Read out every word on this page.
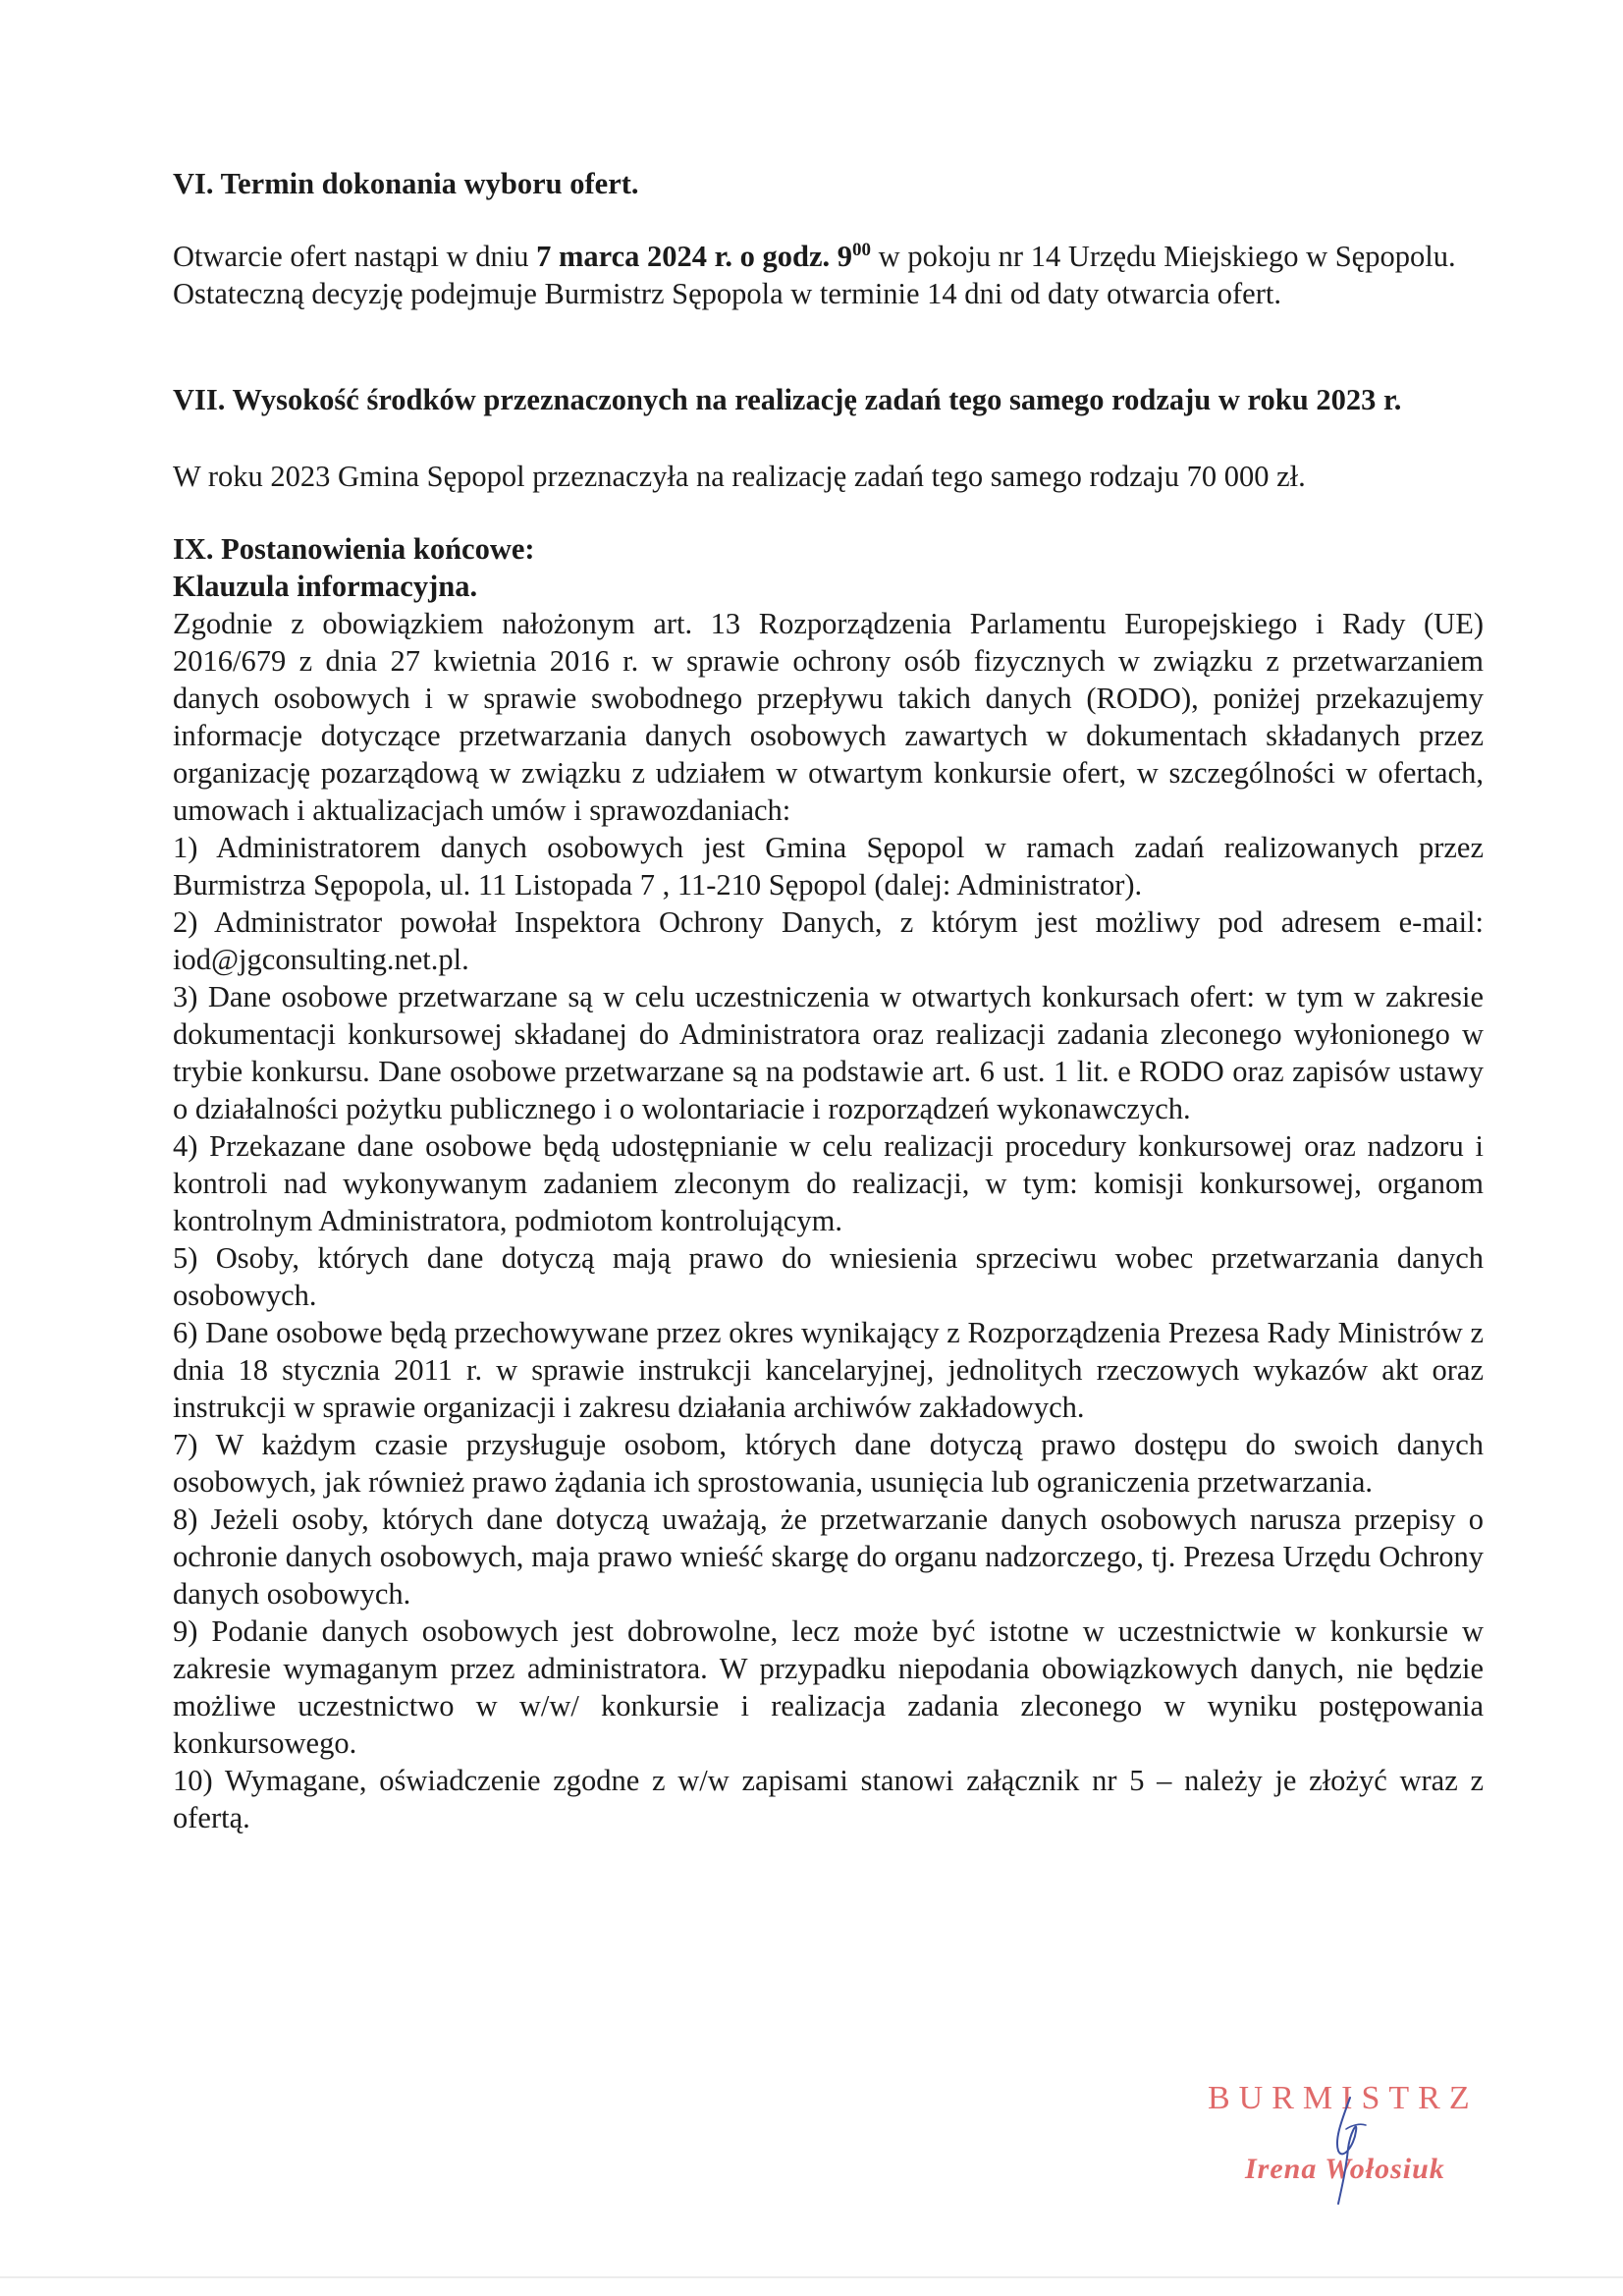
VI. Termin dokonania wyboru ofert.

Otwarcie ofert nastąpi w dniu 7 marca 2024 r. o godz. $9^{00}$ w pokoju nr 14 Urzędu Miejskiego w Sępopolu.

Ostateczną decyzję podejmuje Burmistrz Sępopola w terminie 14 dni od daty otwarcia ofert.

VII. Wysokość środków przeznaczonych na realizację zadań tego samego rodzaju w roku 2023 r.

W roku 2023 Gmina Sępopol przeznaczyła na realizację zadań tego samego rodzaju 70 000 zł.

IX. Postanowienia końcowe:

Klauzula informacyjna.

Zgodnie z obowiązkiem nałożonym art. 13 Rozporządzenia Parlamentu Europejskiego i Rady (UE) 2016/679 z dnia 27 kwietnia 2016 r. w sprawie ochrony osób fizycznych w związku z przetwarzaniem danych osobowych i w sprawie swobodnego przepływu takich danych (RODO), poniżej przekazujemy informacje dotyczące przetwarzania danych osobowych zawartych w dokumentach składanych przez organizację pozarządową w związku z udziałem w otwartym konkursie ofert, w szczególności w ofertach, umowach i aktualizacjach umów i sprawozdaniach:

1) Administratorem danych osobowych jest Gmina Sępopol w ramach zadań realizowanych przez Burmistrza Sępopola, ul. 11 Listopada 7 , 11-210 Sępopol (dalej: Administrator).

2) Administrator powołał Inspektora Ochrony Danych, z którym jest możliwy pod adresem e-mail: iod@jgconsulting.net.pl.

3) Dane osobowe przetwarzane są w celu uczestniczenia w otwartych konkursach ofert: w tym w zakresie dokumentacji konkursowej składanej do Administratora oraz realizacji zadania zleconego wyłonionego w trybie konkursu. Dane osobowe przetwarzane są na podstawie art. 6 ust. 1 lit. e RODO oraz zapisów ustawy o działalności pożytku publicznego i o wolontariacie i rozporządzeń wykonawczych.

4) Przekazane dane osobowe będą udostępnianie w celu realizacji procedury konkursowej oraz nadzoru i kontroli nad wykonywanym zadaniem zleconym do realizacji, w tym: komisji konkursowej, organom kontrolnym Administratora, podmiotom kontrolującym.

5) Osoby, których dane dotyczą mają prawo do wniesienia sprzeciwu wobec przetwarzania danych osobowych.

6) Dane osobowe będą przechowywane przez okres wynikający z Rozporządzenia Prezesa Rady Ministrów z dnia 18 stycznia 2011 r. w sprawie instrukcji kancelaryjnej, jednolitych rzeczowych wykazów akt oraz instrukcji w sprawie organizacji i zakresu działania archiwów zakładowych.

7) W każdym czasie przysługuje osobom, których dane dotyczą prawo dostępu do swoich danych osobowych, jak również prawo żądania ich sprostowania, usunięcia lub ograniczenia przetwarzania.

8) Jeżeli osoby, których dane dotyczą uważają, że przetwarzanie danych osobowych narusza przepisy o ochronie danych osobowych, maja prawo wnieść skargę do organu nadzorczego, tj. Prezesa Urzędu Ochrony danych osobowych.

9) Podanie danych osobowych jest dobrowolne, lecz może być istotne w uczestnictwie w konkursie w zakresie wymaganym przez administratora. W przypadku niepodania obowiązkowych danych, nie będzie możliwe uczestnictwo w w/w/ konkursie i realizacja zadania zleconego w wyniku postępowania konkursowego.

10) Wymagane, oświadczenie zgodne z w/w zapisami stanowi załącznik nr 5 – należy je złożyć wraz z ofertą.

BURMISTRZ
Irena Wołosiuk
